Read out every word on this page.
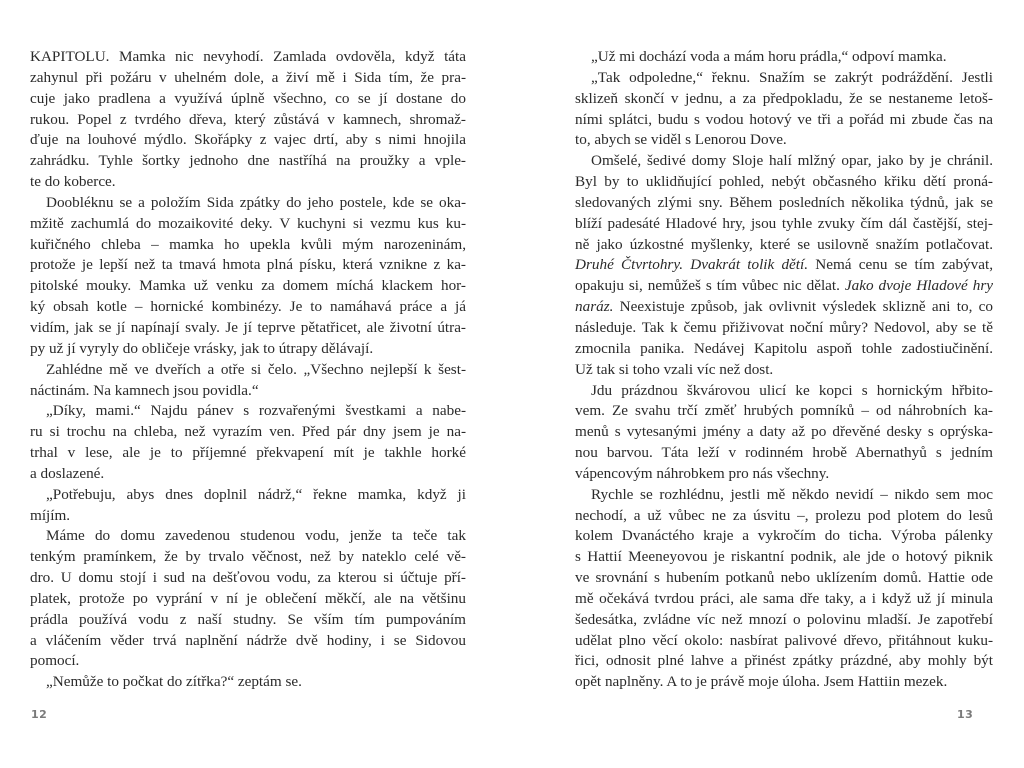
KAPITOLU. Mamka nic nevyhodí. Zamlada ovdověla, když táta
zahynul při požáru v uhelném dole, a živí mě i Sida tím, že pra-
cuje jako pradlena a využívá úplně všechno, co se jí dostane do
rukou. Popel z tvrdého dřeva, který zůstává v kamnech, shromaž-
ďuje na louhové mýdlo. Skořápky z vajec drtí, aby s nimi hnojila
zahrádku. Tyhle šortky jednoho dne nastříhá na proužky a vple-
te do koberce.
Doobléknu se a položím Sida zpátky do jeho postele, kde se oka-
mžitě zachumlá do mozaikovité deky. V kuchyni si vezmu kus ku-
kuřičného chleba – mamka ho upekla kvůli mým narozeninám,
protože je lepší než ta tmavá hmota plná písku, která vznikne z ka-
pitolské mouky. Mamka už venku za domem míchá klackem hor-
ký obsah kotle – hornické kombinézy. Je to namáhavá práce a já
vidím, jak se jí napínají svaly. Je jí teprve pětatřicet, ale životní útra-
py už jí vyryly do obličeje vrásky, jak to útrapy dělávají.
Zahlédne mě ve dveřích a otře si čelo. „Všechno nejlepší k šest-
náctinám. Na kamnech jsou povidla.“
„Díky, mami.“ Najdu pánev s rozvařenými švestkami a nabe-
ru si trochu na chleba, než vyrazím ven. Před pár dny jsem je na-
trhal v lese, ale je to příjemné překvapení mít je takhle horké
a doslazené.
„Potřebuju, abys dnes doplnil nádrž,“ řekne mamka, když ji
míjím.
Máme do domu zavedenou studenou vodu, jenže ta teče tak
tenkým pramínkem, že by trvalo věčnost, než by nateklo celé vě-
dro. U domu stojí i sud na dešťovou vodu, za kterou si účtuje pří-
platek, protože po vyprání v ní je oblečení měkčí, ale na většinu
prádla používá vodu z naší studny. Se vším tím pumpováním
a vláčením věder trvá naplnění nádrže dvě hodiny, i se Sidovou
pomocí.
„Nemůže to počkat do zítřka?“ zeptám se.
„Už mi dochází voda a mám horu prádla,“ odpoví mamka.
„Tak odpoledne,“ řeknu. Snažím se zakrýt podráždění. Jestli
sklizeň skončí v jednu, a za předpokladu, že se nestaneme letoš-
ními splátci, budu s vodou hotový ve tři a pořád mi zbude čas na
to, abych se viděl s Lenorou Dove.
Omšelé, šedivé domy Sloje halí mlžný opar, jako by je chránil.
Byl by to uklidňující pohled, nebýt občasného křiku dětí proná-
sledovaných zlými sny. Během posledních několika týdnů, jak se
blíží padesáté Hladové hry, jsou tyhle zvuky čím dál častější, stej-
ně jako úzkostné myšlenky, které se usilovně snažím potlačovat.
Druhé Čtvrtohry. Dvakrát tolik dětí. Nemá cenu se tím zabývat,
opakuju si, nemůžeš s tím vůbec nic dělat. Jako dvoje Hladové hry
naráz. Neexistuje způsob, jak ovlivnit výsledek sklizně ani to, co
následuje. Tak k čemu přiživovat noční můry? Nedovol, aby se tě
zmocnila panika. Nedávej Kapitolu aspoň tohle zadostiučinění.
Už tak si toho vzali víc než dost.
Jdu prázdnou škvárovou ulicí ke kopci s hornickým hřbito-
vem. Ze svahu trčí změť hrubých pomníků – od náhrobních ka-
menů s vytesanými jmény a daty až po dřevěné desky s oprýska-
nou barvou. Táta leží v rodinném hrobě Abernathyů s jedním
vápencovým náhrobkem pro nás všechny.
Rychle se rozhlédnu, jestli mě někdo nevidí – nikdo sem moc
nechodí, a už vůbec ne za úsvitu –, prolezu pod plotem do lesů
kolem Dvanáctého kraje a vykročím do ticha. Výroba pálenky
s Hattií Meeneyovou je riskantní podnik, ale jde o hotový piknik
ve srovnání s hubením potkanů nebo uklízením domů. Hattie ode
mě očekává tvrdou práci, ale sama dře taky, a i když už jí minula
šedesátka, zvládne víc než mnozí o polovinu mladší. Je zapotřebí
udělat plno věcí okolo: nasbírat palivové dřevo, přitáhnout kuku-
řici, odnosit plné lahve a přinést zpátky prázdné, aby mohly být
opět naplněny. A to je právě moje úloha. Jsem Hattiin mezek.
12	13
